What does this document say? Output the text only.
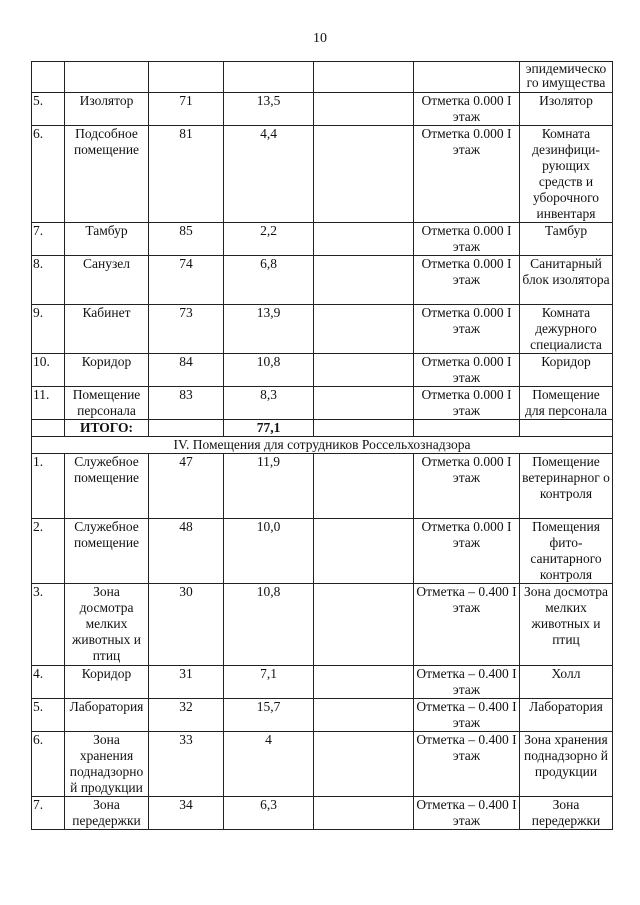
10

						эпидемическо го имущества

5.	Изолятор	71	13,5		Отметка 0.000 I этаж	Изолятор
6.	Подсобное помещение	81	4,4		Отметка 0.000 I этаж	Комната дезинфици-рующих средств и уборочного инвентаря
7.	Тамбур	85	2,2		Отметка 0.000 I этаж	Тамбур
8.	Санузел	74	6,8		Отметка 0.000 I этаж	Санитарный блок изолятора
9.	Кабинет	73	13,9		Отметка 0.000 I этаж	Комната дежурного специалиста
10.	Коридор	84	10,8		Отметка 0.000 I этаж	Коридор
11.	Помещение персонала	83	8,3		Отметка 0.000 I этаж	Помещение для персонала
	ИТОГО:		77,1			
IV. Помещения для сотрудников Россельхознадзора						
1.	Служебное помещение	47	11,9		Отметка 0.000 I этаж	Помещение ветеринарног о контроля
2.	Служебное помещение	48	10,0		Отметка 0.000 I этаж	Помещения фито-санитарного контроля
3.	Зона досмотра мелких животных и птиц	30	10,8		Отметка – 0.400 I этаж	Зона досмотра мелких животных и птиц
4.	Коридор	31	7,1		Отметка – 0.400 I этаж	Холл
5.	Лаборатория	32	15,7		Отметка – 0.400 I этаж	Лаборатория
6.	Зона хранения поднадзорно й продукции	33	4		Отметка – 0.400 I этаж	Зона хранения поднадзорно й продукции
7.	Зона передержки	34	6,3		Отметка – 0.400 I этаж	Зона передержки
